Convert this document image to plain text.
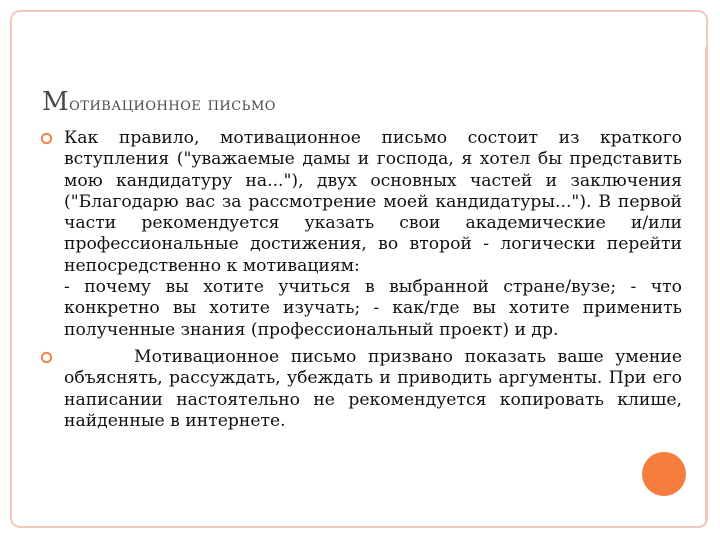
Мотивационное письмо

Как правило, мотивационное письмо состоит из краткого вступления ("уважаемые дамы и господа, я хотел бы представить мою кандидатуру на..."), двух основных частей и заключения ("Благодарю вас за рассмотрение моей кандидатуры..."). В первой части рекомендуется указать свои академические и/или профессиональные достижения, во второй - логически перейти непосредственно к мотивациям:

- почему вы хотите учиться в выбранной стране/вузе; - что конкретно вы хотите изучать; - как/где вы хотите применить полученные знания (профессиональный проект) и др.

Мотивационное письмо призвано показать ваше умение объяснять, рассуждать, убеждать и приводить аргументы. При его написании настоятельно не рекомендуется копировать клише, найденные в интернете.
